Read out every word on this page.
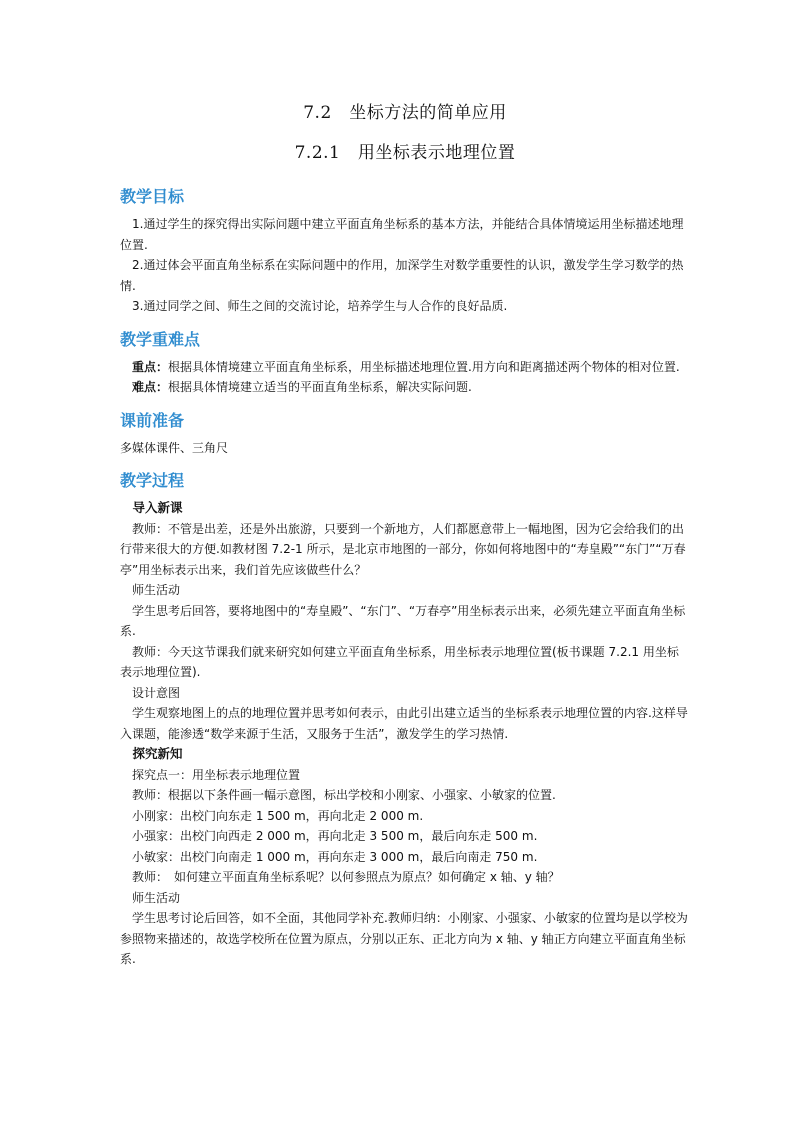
7.2　坐标方法的简单应用
7.2.1　用坐标表示地理位置
教学目标
1.通过学生的探究得出实际问题中建立平面直角坐标系的基本方法，并能结合具体情境运用坐标描述地理位置.
2.通过体会平面直角坐标系在实际问题中的作用，加深学生对数学重要性的认识，激发学生学习数学的热情.
3.通过同学之间、师生之间的交流讨论，培养学生与人合作的良好品质.
教学重难点
重点：根据具体情境建立平面直角坐标系，用坐标描述地理位置.用方向和距离描述两个物体的相对位置.
难点：根据具体情境建立适当的平面直角坐标系，解决实际问题.
课前准备
多媒体课件、三角尺
教学过程
导入新课
教师：不管是出差，还是外出旅游，只要到一个新地方，人们都愿意带上一幅地图，因为它会给我们的出行带来很大的方便.如教材图 7.2-1 所示，是北京市地图的一部分，你如何将地图中的“寿皇殿”“东门”“万春亭”用坐标表示出来，我们首先应该做些什么？
师生活动
学生思考后回答，要将地图中的“寿皇殿”、“东门”、“万春亭”用坐标表示出来，必须先建立平面直角坐标系.
教师：今天这节课我们就来研究如何建立平面直角坐标系，用坐标表示地理位置(板书课题 7.2.1 用坐标表示地理位置).
设计意图
学生观察地图上的点的地理位置并思考如何表示，由此引出建立适当的坐标系表示地理位置的内容.这样导入课题，能渗透“数学来源于生活，又服务于生活”，激发学生的学习热情.
探究新知
探究点一：用坐标表示地理位置
教师：根据以下条件画一幅示意图，标出学校和小刚家、小强家、小敏家的位置.
小刚家：出校门向东走 1 500 m，再向北走 2 000 m.
小强家：出校门向西走 2 000 m，再向北走 3 500 m，最后向东走 500 m.
小敏家：出校门向南走 1 000 m，再向东走 3 000 m，最后向南走 750 m.
教师：　如何建立平面直角坐标系呢？以何参照点为原点？如何确定 x 轴、y 轴？
师生活动
学生思考讨论后回答，如不全面，其他同学补充.教师归纳：小刚家、小强家、小敏家的位置均是以学校为参照物来描述的，故选学校所在位置为原点，分别以正东、正北方向为 x 轴、y 轴正方向建立平面直角坐标系.
